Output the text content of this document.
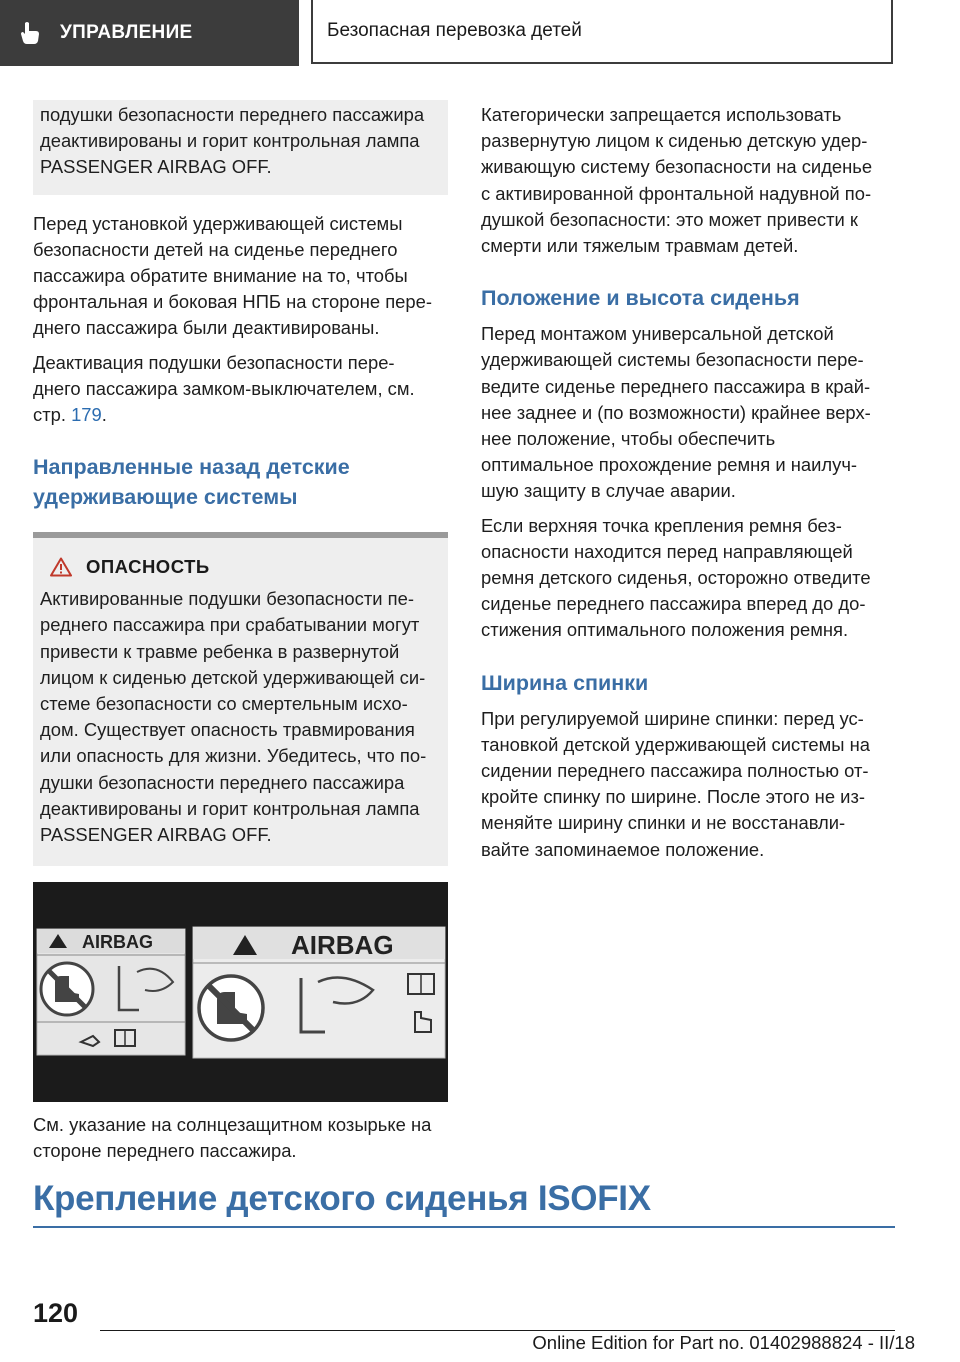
УПРАВЛЕНИЕ	Безопасная перевозка детей

подушки безопасности переднего пассажира

деактивированы и горит контрольная лампа

PASSENGER AIRBAG OFF.

Перед установкой удерживающей системы

безопасности детей на сиденье переднего

пассажира обратите внимание на то, чтобы

фронтальная и боковая НПБ на стороне пере-

днего пассажира были деактивированы.

Деактивация подушки безопасности пере-

днего пассажира замком-выключателем, см.

стр. 179.

Направленные назад детские
удерживающие системы
ОПАСНОСТЬ

Активированные подушки безопасности пе-

реднего пассажира при срабатывании могут

привести к травме ребенка в развернутой

лицом к сиденью детской удерживающей си-

стеме безопасности со смертельным исхо-

дом. Существует опасность травмирования

или опасность для жизни. Убедитесь, что по-

душки безопасности переднего пассажира

деактивированы и горит контрольная лампа

PASSENGER AIRBAG OFF.

AIRBAG	AIRBAG

См. указание на солнцезащитном козырьке на

стороне переднего пассажира.

Категорически запрещается использовать

развернутую лицом к сиденью детскую удер-

живающую систему безопасности на сиденье

с активированной фронтальной надувной по-

душкой безопасности: это может привести к

смерти или тяжелым травмам детей.

Положение и высота сиденья

Перед монтажом универсальной детской

удерживающей системы безопасности пере-

ведите сиденье переднего пассажира в край-

нее заднее и (по возможности) крайнее верх-

нее положение, чтобы обеспечить

оптимальное прохождение ремня и наилуч-

шую защиту в случае аварии.

Если верхняя точка крепления ремня без-

опасности находится перед направляющей

ремня детского сиденья, осторожно отведите

сиденье переднего пассажира вперед до до-

стижения оптимального положения ремня.

Ширина спинки

При регулируемой ширине спинки: перед ус-

тановкой детской удерживающей системы на

сидении переднего пассажира полностью от-

кройте спинку по ширине. После этого не из-

меняйте ширину спинки и не восстанавли-

вайте запоминаемое положение.

Крепление детского сиденья ISOFIX
120
Online Edition for Part no. 01402988824 - II/18
